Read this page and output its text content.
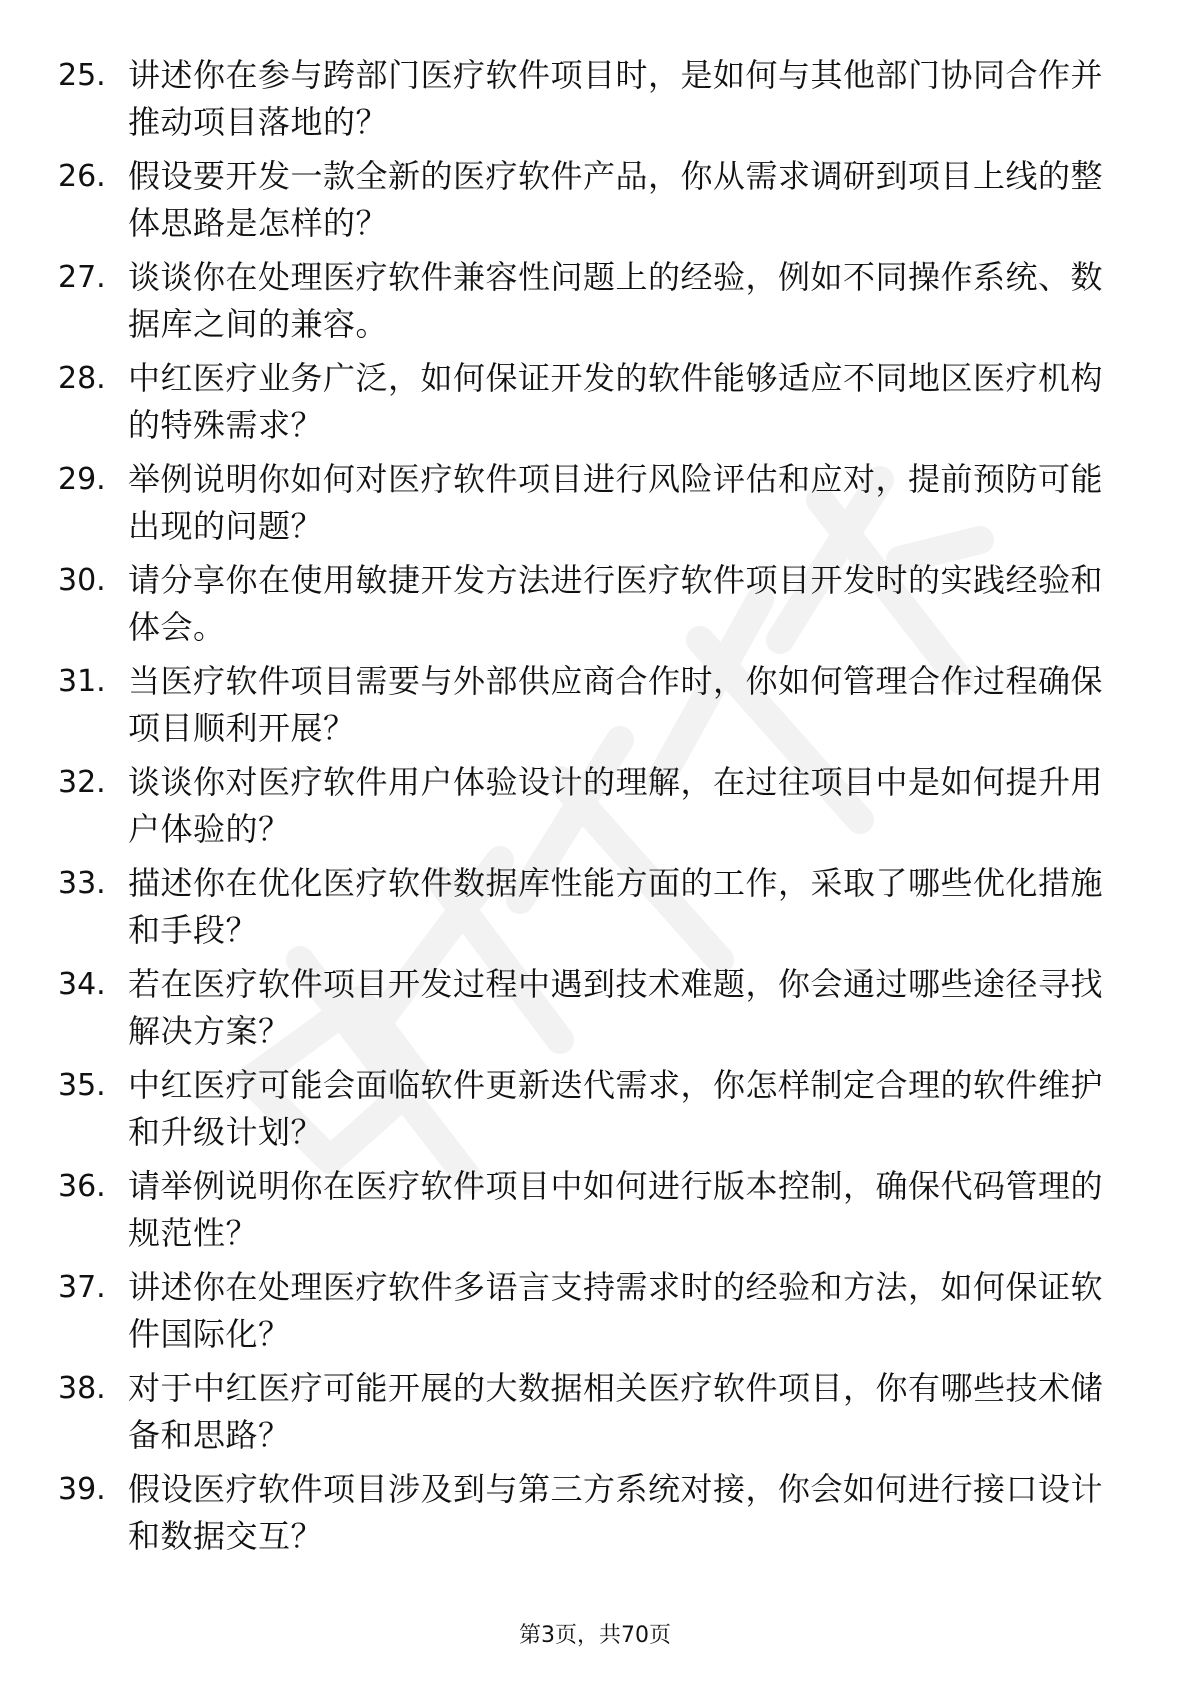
25. 讲述你在参与跨部门医疗软件项目时，是如何与其他部门协同合作并推动项目落地的？
26. 假设要开发一款全新的医疗软件产品，你从需求调研到项目上线的整体思路是怎样的？
27. 谈谈你在处理医疗软件兼容性问题上的经验，例如不同操作系统、数据库之间的兼容。
28. 中红医疗业务广泛，如何保证开发的软件能够适应不同地区医疗机构的特殊需求？
29. 举例说明你如何对医疗软件项目进行风险评估和应对，提前预防可能出现的问题？
30. 请分享你在使用敏捷开发方法进行医疗软件项目开发时的实践经验和体会。
31. 当医疗软件项目需要与外部供应商合作时，你如何管理合作过程确保项目顺利开展？
32. 谈谈你对医疗软件用户体验设计的理解，在过往项目中是如何提升用户体验的？
33. 描述你在优化医疗软件数据库性能方面的工作，采取了哪些优化措施和手段？
34. 若在医疗软件项目开发过程中遇到技术难题，你会通过哪些途径寻找解决方案？
35. 中红医疗可能会面临软件更新迭代需求，你怎样制定合理的软件维护和升级计划？
36. 请举例说明你在医疗软件项目中如何进行版本控制，确保代码管理的规范性？
37. 讲述你在处理医疗软件多语言支持需求时的经验和方法，如何保证软件国际化？
38. 对于中红医疗可能开展的大数据相关医疗软件项目，你有哪些技术储备和思路？
39. 假设医疗软件项目涉及到与第三方系统对接，你会如何进行接口设计和数据交互？
第3页，共70页
